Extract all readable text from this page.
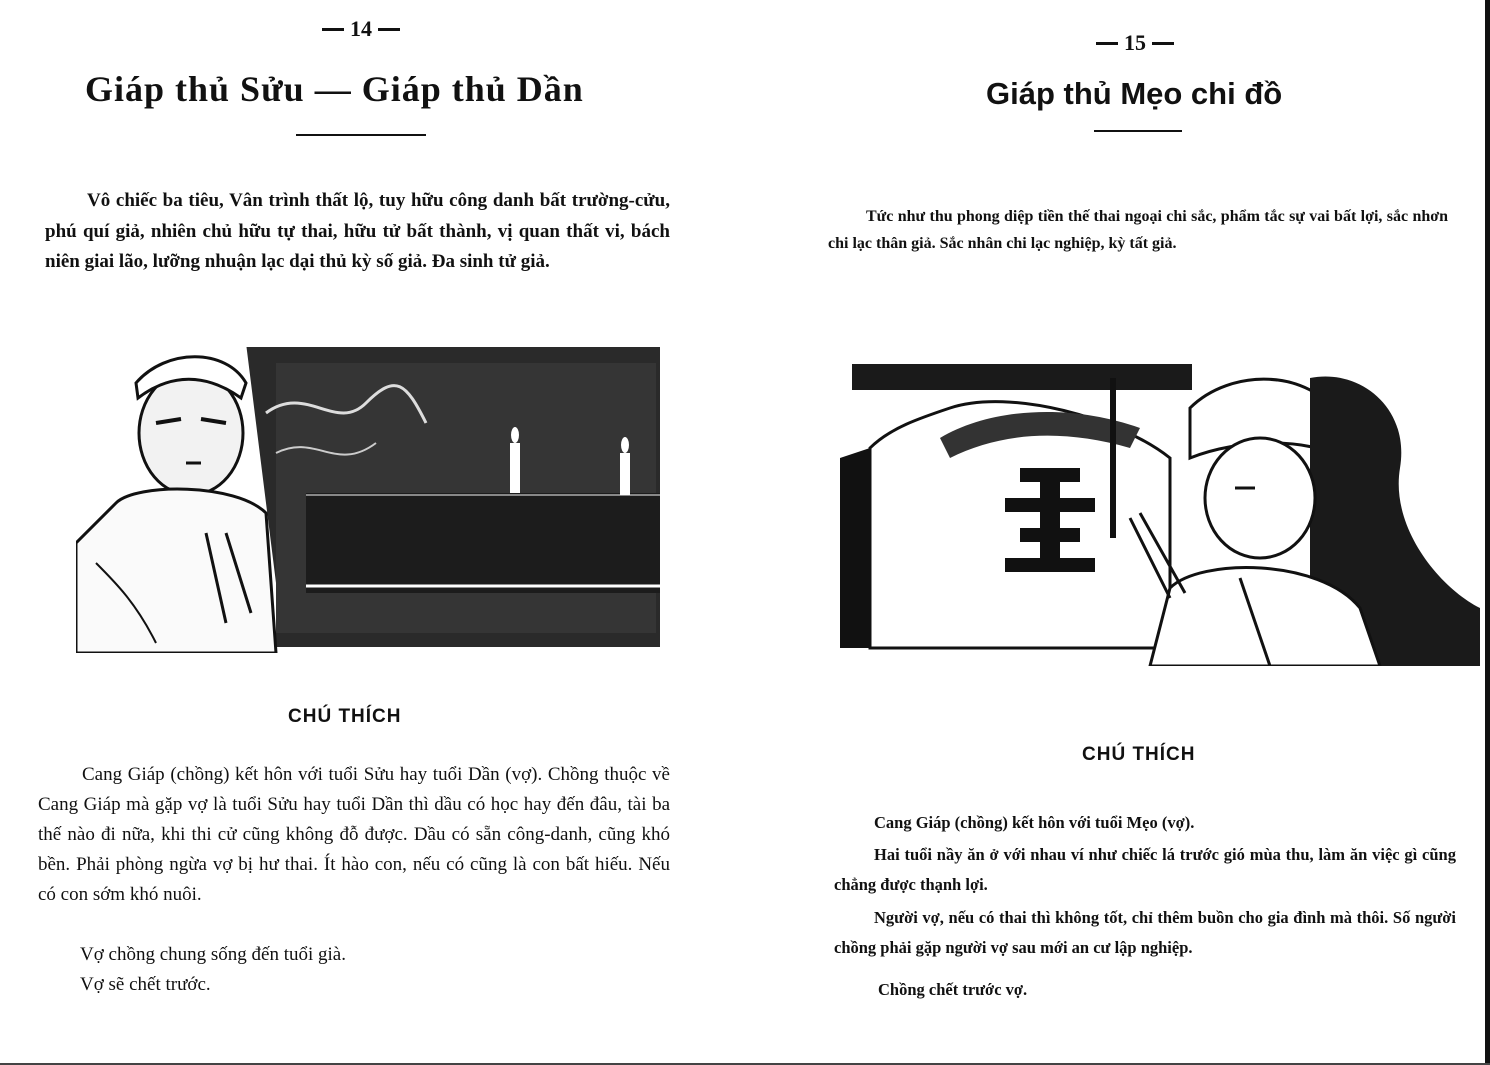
14
Giáp thủ Sửu — Giáp thủ Dần

Vô chiếc ba tiêu, Vân trình thất lộ, tuy hữu công danh bất trường-cửu, phú quí giả, nhiên chủ hữu tự thai, hữu tử bất thành, vị quan thất vi, bách niên giai lão, lưỡng nhuận lạc dại thủ kỳ số giả. Đa sinh tử giả.

CHÚ THÍCH

Cang Giáp (chồng) kết hôn với tuổi Sửu hay tuổi Dần (vợ). Chồng thuộc về Cang Giáp mà gặp vợ là tuổi Sửu hay tuổi Dần thì dầu có học hay đến đâu, tài ba thế nào đi nữa, khi thi cử cũng không đỗ được. Dầu có sẵn công-danh, cũng khó bền. Phải phòng ngừa vợ bị hư thai. Ít hào con, nếu có cũng là con bất hiếu. Nếu có con sớm khó nuôi.

Vợ chồng chung sống đến tuổi già.

Vợ sẽ chết trước.

15
Giáp thủ Mẹo chi đồ

Tức như thu phong diệp tiền thế thai ngoại chi sắc, phẩm tắc sự vai bất lợi, sắc nhơn chi lạc thân giả. Sắc nhân chi lạc nghiệp, kỳ tất giả.

CHÚ THÍCH

Cang Giáp (chồng) kết hôn với tuổi Mẹo (vợ).

Hai tuổi nầy ăn ở với nhau ví như chiếc lá trước gió mùa thu, làm ăn việc gì cũng chẳng được thạnh lợi.

Người vợ, nếu có thai thì không tốt, chỉ thêm buồn cho gia đình mà thôi. Số người chồng phải gặp người vợ sau mới an cư lập nghiệp.

Chồng chết trước vợ.
